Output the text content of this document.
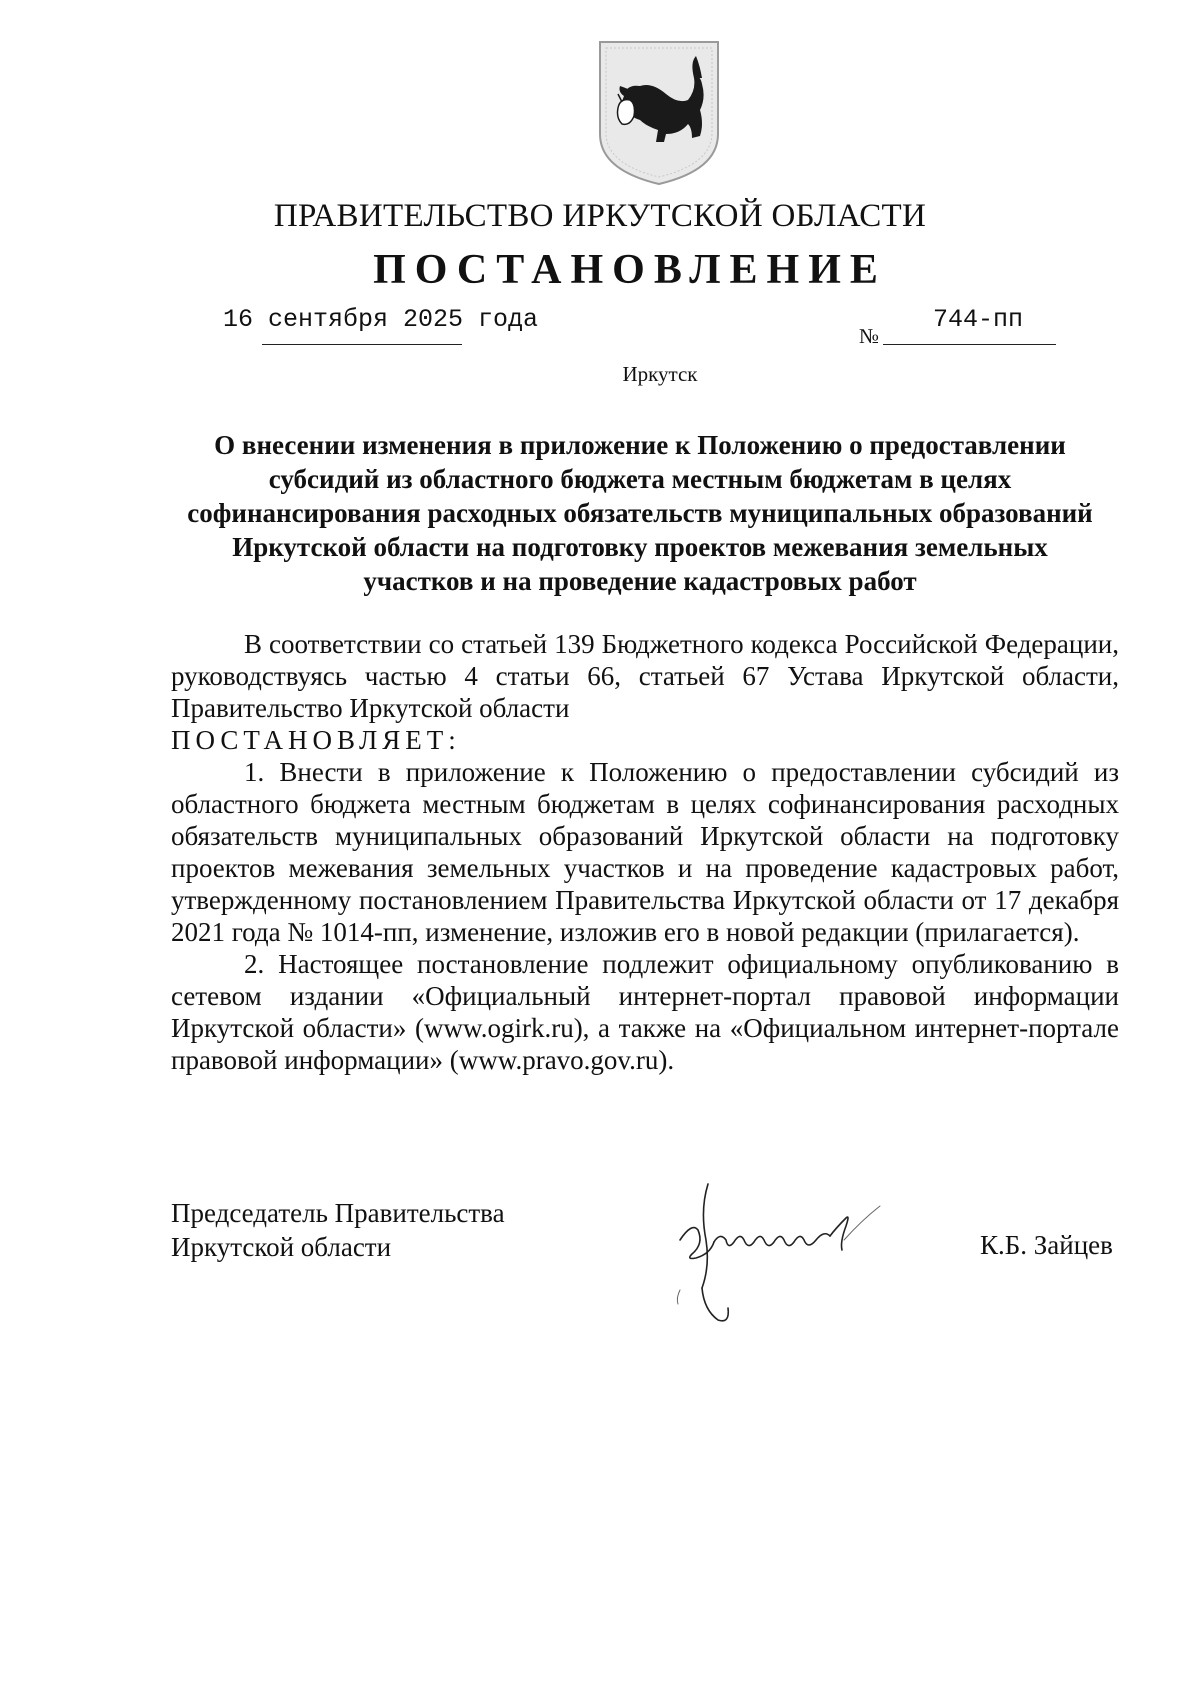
ПРАВИТЕЛЬСТВО ИРКУТСКОЙ ОБЛАСТИ
ПОСТАНОВЛЕНИЕ
16 сентября 2025 года
№
744-пп
Иркутск
О внесении изменения в приложение к Положению о предоставлении субсидий из областного бюджета местным бюджетам в целях софинансирования расходных обязательств муниципальных образований Иркутской области на подготовку проектов межевания земельных участков и на проведение кадастровых работ

В соответствии со статьей 139 Бюджетного кодекса Российской Федерации, руководствуясь частью 4 статьи 66, статьей 67 Устава Иркутской области, Правительство Иркутской области

ПОСТАНОВЛЯЕТ:

1. Внести в приложение к Положению о предоставлении субсидий из областного бюджета местным бюджетам в целях софинансирования расходных обязательств муниципальных образований Иркутской области на подготовку проектов межевания земельных участков и на проведение кадастровых работ, утвержденному постановлением Правительства Иркутской области от 17 декабря 2021 года № 1014-пп, изменение, изложив его в новой редакции (прилагается).

2. Настоящее постановление подлежит официальному опубликованию в сетевом издании «Официальный интернет-портал правовой информации Иркутской области» (www.ogirk.ru), а также на «Официальном интернет-портале правовой информации» (www.pravo.gov.ru).

Председатель Правительства
Иркутской области	К.Б. Зайцев
